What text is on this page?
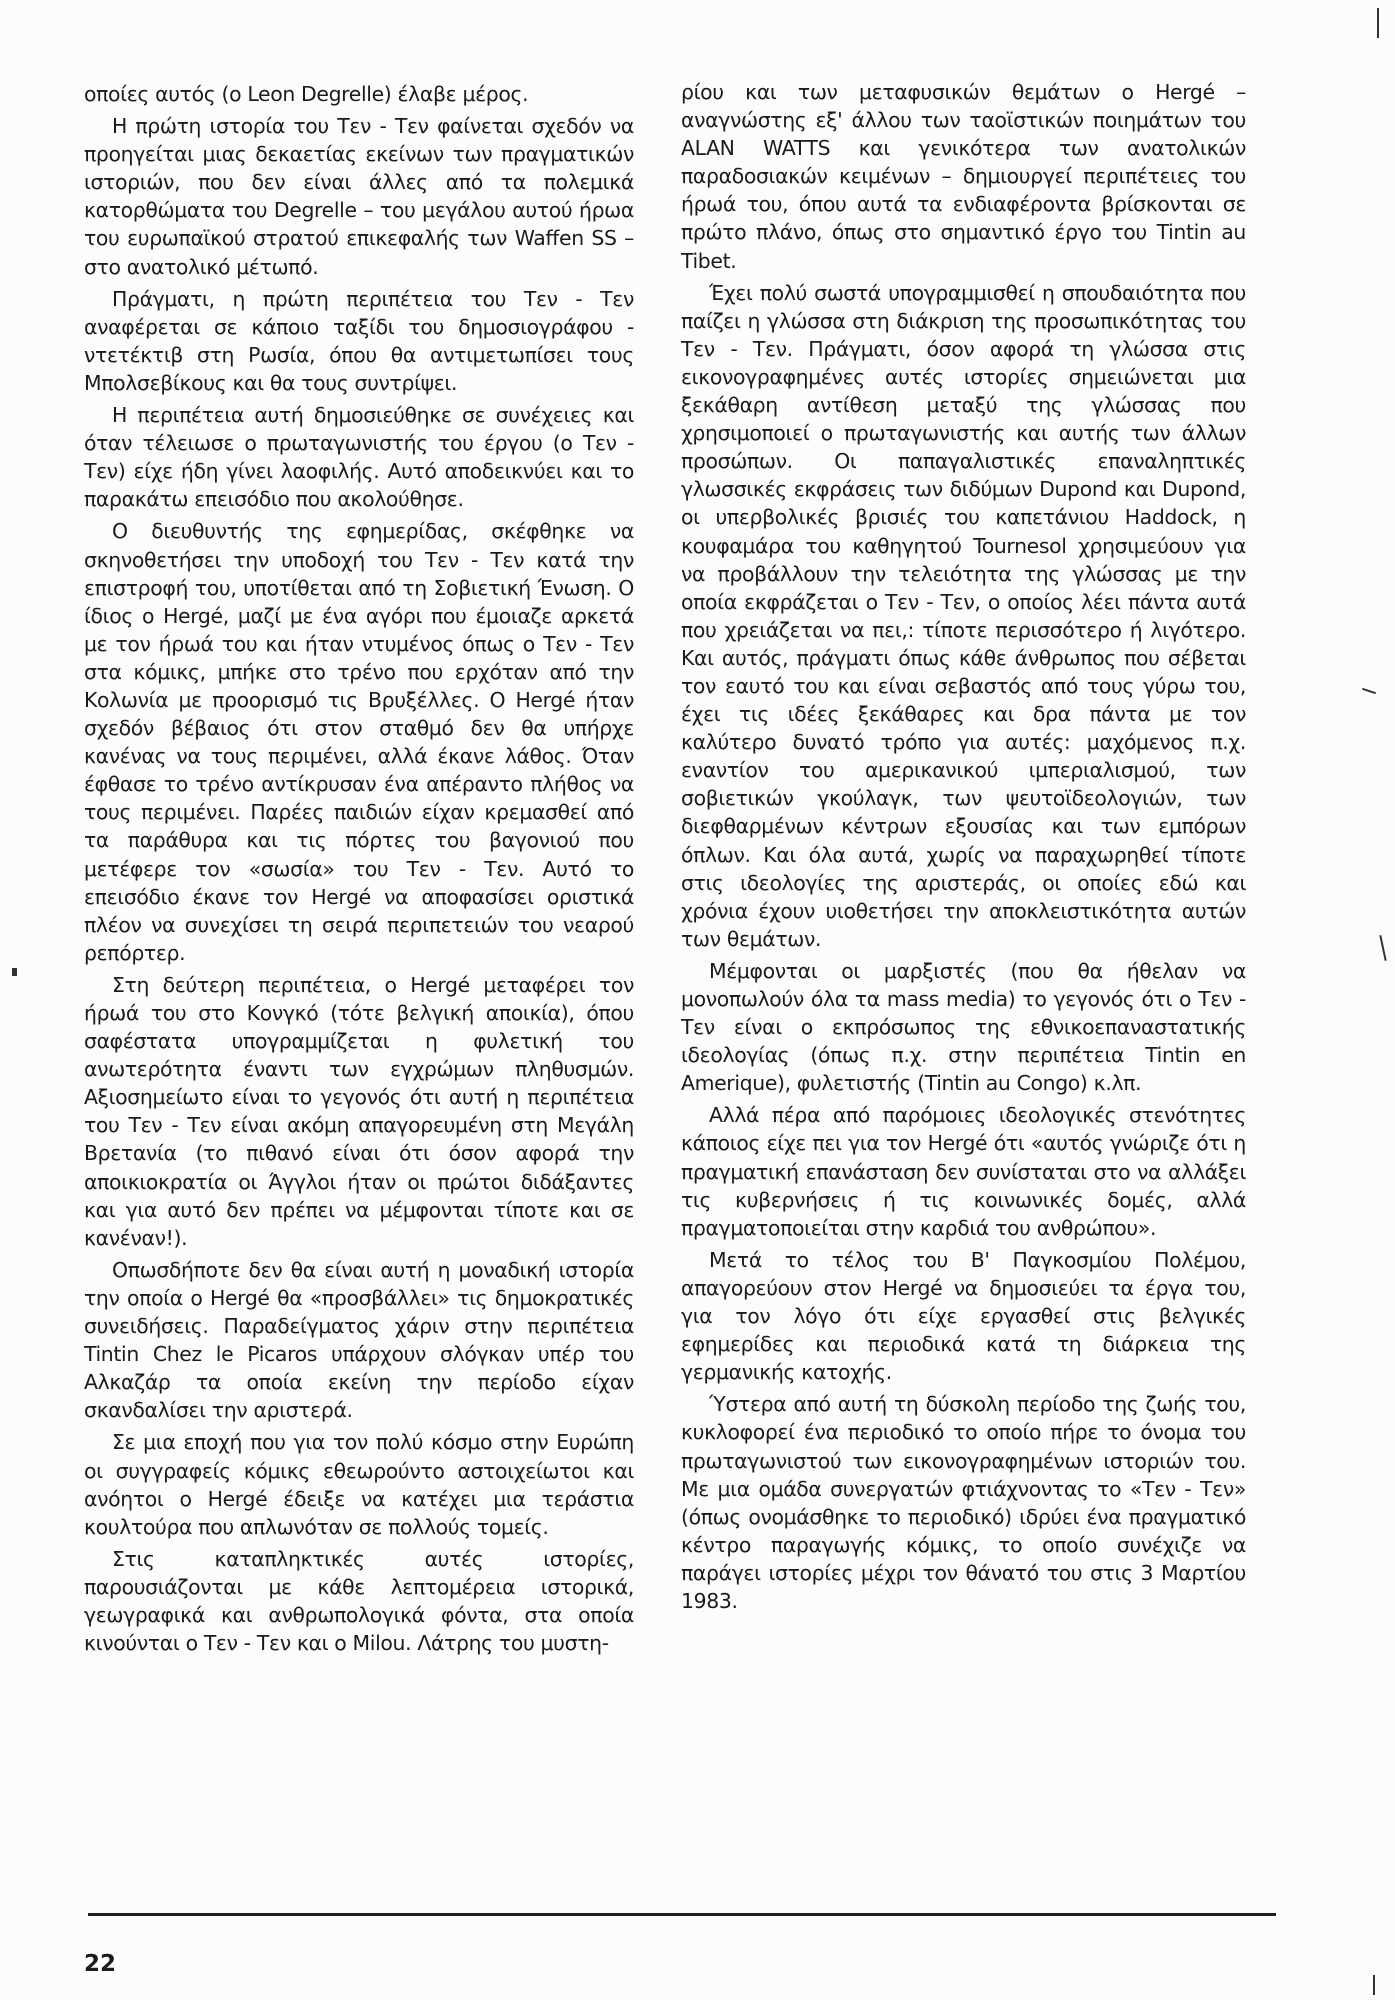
οποίες αυτός (ο Leon Degrelle) έλαβε μέρος.

Η πρώτη ιστορία του Τεν - Τεν φαίνεται σχεδόν να προηγείται μιας δεκαετίας εκείνων των πραγματικών ιστοριών, που δεν είναι άλλες από τα πολεμικά κατορθώματα του Degrelle – του μεγάλου αυτού ήρωα του ευρωπαϊκού στρατού επικεφαλής των Waffen SS – στο ανατολικό μέτωπό.

Πράγματι, η πρώτη περιπέτεια του Τεν - Τεν αναφέρεται σε κάποιο ταξίδι του δημοσιογράφου - ντετέκτιβ στη Ρωσία, όπου θα αντιμετωπίσει τους Μπολσεβίκους και θα τους συντρίψει.

Η περιπέτεια αυτή δημοσιεύθηκε σε συνέχειες και όταν τέλειωσε ο πρωταγωνιστής του έργου (ο Τεν - Τεν) είχε ήδη γίνει λαοφιλής. Αυτό αποδεικνύει και το παρακάτω επεισόδιο που ακολούθησε.

Ο διευθυντής της εφημερίδας, σκέφθηκε να σκηνοθετήσει την υποδοχή του Τεν - Τεν κατά την επιστροφή του, υποτίθεται από τη Σοβιετική Ένωση. Ο ίδιος ο Hergé, μαζί με ένα αγόρι που έμοιαζε αρκετά με τον ήρωά του και ήταν ντυμένος όπως ο Τεν - Τεν στα κόμικς, μπήκε στο τρένο που ερχόταν από την Κολωνία με προορισμό τις Βρυξέλλες. Ο Hergé ήταν σχεδόν βέβαιος ότι στον σταθμό δεν θα υπήρχε κανένας να τους περιμένει, αλλά έκανε λάθος. Όταν έφθασε το τρένο αντίκρυσαν ένα απέραντο πλήθος να τους περιμένει. Παρέες παιδιών είχαν κρεμασθεί από τα παράθυρα και τις πόρτες του βαγονιού που μετέφερε τον «σωσία» του Τεν - Τεν. Αυτό το επεισόδιο έκανε τον Hergé να αποφασίσει οριστικά πλέον να συνεχίσει τη σειρά περιπετειών του νεαρού ρεπόρτερ.

Στη δεύτερη περιπέτεια, ο Hergé μεταφέρει τον ήρωά του στο Κονγκό (τότε βελγική αποικία), όπου σαφέστατα υπογραμμίζεται η φυλετική του ανωτερότητα έναντι των εγχρώμων πληθυσμών. Αξιοσημείωτο είναι το γεγονός ότι αυτή η περιπέτεια του Τεν - Τεν είναι ακόμη απαγορευμένη στη Μεγάλη Βρετανία (το πιθανό είναι ότι όσον αφορά την αποικιοκρατία οι Άγγλοι ήταν οι πρώτοι διδάξαντες και για αυτό δεν πρέπει να μέμφονται τίποτε και σε κανέναν!).

Οπωσδήποτε δεν θα είναι αυτή η μοναδική ιστορία την οποία ο Hergé θα «προσβάλλει» τις δημοκρατικές συνειδήσεις. Παραδείγματος χάριν στην περιπέτεια Tintin Chez le Picaros υπάρχουν σλόγκαν υπέρ του Αλκαζάρ τα οποία εκείνη την περίοδο είχαν σκανδαλίσει την αριστερά.

Σε μια εποχή που για τον πολύ κόσμο στην Ευρώπη οι συγγραφείς κόμικς εθεωρούντο αστοιχείωτοι και ανόητοι ο Hergé έδειξε να κατέχει μια τεράστια κουλτούρα που απλωνόταν σε πολλούς τομείς.

Στις καταπληκτικές αυτές ιστορίες, παρουσιάζονται με κάθε λεπτομέρεια ιστορικά, γεωγραφικά και ανθρωπολογικά φόντα, στα οποία κινούνται ο Τεν - Τεν και ο Milou. Λάτρης του μυστη-

ρίου και των μεταφυσικών θεμάτων ο Hergé – αναγνώστης εξ' άλλου των ταοϊστικών ποιημάτων του ALAN WATTS και γενικότερα των ανατολικών παραδοσιακών κειμένων – δημιουργεί περιπέτειες του ήρωά του, όπου αυτά τα ενδιαφέροντα βρίσκονται σε πρώτο πλάνο, όπως στο σημαντικό έργο του Tintin au Tibet.

Έχει πολύ σωστά υπογραμμισθεί η σπουδαιότητα που παίζει η γλώσσα στη διάκριση της προσωπικότητας του Τεν - Τεν. Πράγματι, όσον αφορά τη γλώσσα στις εικονογραφημένες αυτές ιστορίες σημειώνεται μια ξεκάθαρη αντίθεση μεταξύ της γλώσσας που χρησιμοποιεί ο πρωταγωνιστής και αυτής των άλλων προσώπων. Οι παπαγαλιστικές επαναληπτικές γλωσσικές εκφράσεις των διδύμων Dupond και Dupond, οι υπερβολικές βρισιές του καπετάνιου Haddock, η κουφαμάρα του καθηγητού Tournesol χρησιμεύουν για να προβάλλουν την τελειότητα της γλώσσας με την οποία εκφράζεται ο Τεν - Τεν, ο οποίος λέει πάντα αυτά που χρειάζεται να πει,: τίποτε περισσότερο ή λιγότερο. Και αυτός, πράγματι όπως κάθε άνθρωπος που σέβεται τον εαυτό του και είναι σεβαστός από τους γύρω του, έχει τις ιδέες ξεκάθαρες και δρα πάντα με τον καλύτερο δυνατό τρόπο για αυτές: μαχόμενος π.χ. εναντίον του αμερικανικού ιμπεριαλισμού, των σοβιετικών γκούλαγκ, των ψευτοϊδεολογιών, των διεφθαρμένων κέντρων εξουσίας και των εμπόρων όπλων. Και όλα αυτά, χωρίς να παραχωρηθεί τίποτε στις ιδεολογίες της αριστεράς, οι οποίες εδώ και χρόνια έχουν υιοθετήσει την αποκλειστικότητα αυτών των θεμάτων.

Μέμφονται οι μαρξιστές (που θα ήθελαν να μονοπωλούν όλα τα mass media) το γεγονός ότι ο Τεν - Τεν είναι ο εκπρόσωπος της εθνικοεπαναστατικής ιδεολογίας (όπως π.χ. στην περιπέτεια Tintin en Amerique), φυλετιστής (Tintin au Congo) κ.λπ.

Αλλά πέρα από παρόμοιες ιδεολογικές στενότητες κάποιος είχε πει για τον Hergé ότι «αυτός γνώριζε ότι η πραγματική επανάσταση δεν συνίσταται στο να αλλάξει τις κυβερνήσεις ή τις κοινωνικές δομές, αλλά πραγματοποιείται στην καρδιά του ανθρώπου».

Μετά το τέλος του Β' Παγκοσμίου Πολέμου, απαγορεύουν στον Hergé να δημοσιεύει τα έργα του, για τον λόγο ότι είχε εργασθεί στις βελγικές εφημερίδες και περιοδικά κατά τη διάρκεια της γερμανικής κατοχής.

Ύστερα από αυτή τη δύσκολη περίοδο της ζωής του, κυκλοφορεί ένα περιοδικό το οποίο πήρε το όνομα του πρωταγωνιστού των εικονογραφημένων ιστοριών του. Με μια ομάδα συνεργατών φτιάχνοντας το «Τεν - Τεν» (όπως ονομάσθηκε το περιοδικό) ιδρύει ένα πραγματικό κέντρο παραγωγής κόμικς, το οποίο συνέχιζε να παράγει ιστορίες μέχρι τον θάνατό του στις 3 Μαρτίου 1983.

22
